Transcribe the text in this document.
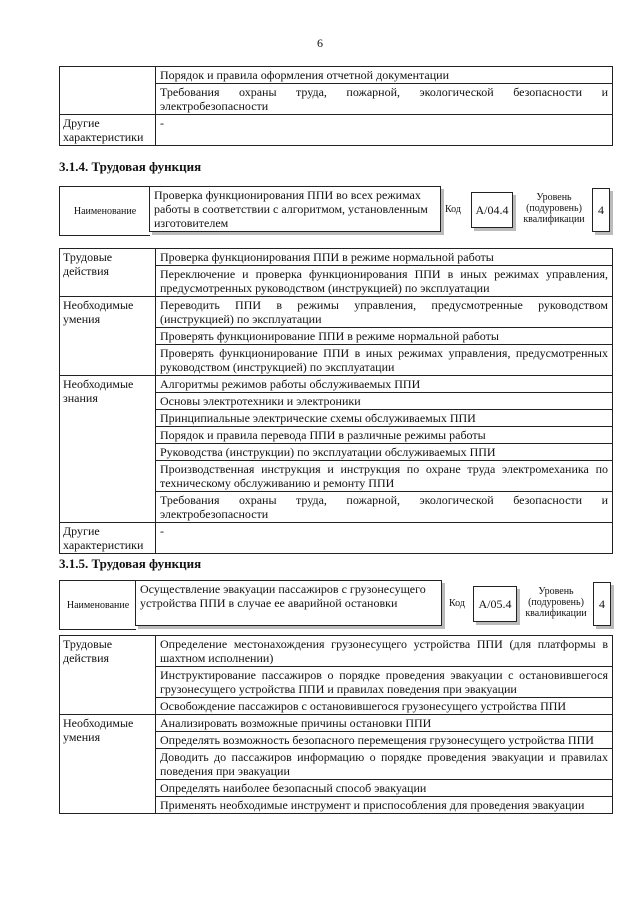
6
	Порядок и правила оформления отчетной документации
	Требования охраны труда, пожарной, экологической безопасности и электробезопасности
Другие характеристики	-
3.1.4. Трудовая функция
Наименование
Проверка функционирования ППИ во всех режимах работы в соответствии с алгоритмом, установленным изготовителем
Код	А/04.4
Уровень (подуровень) квалификации
4
Трудовые действия	Проверка функционирования ППИ в режиме нормальной работы
	Переключение и проверка функционирования ППИ в иных режимах управления, предусмотренных руководством (инструкцией) по эксплуатации
Необходимые умения	Переводить ППИ в режимы управления, предусмотренные руководством (инструкцией) по эксплуатации
	Проверять функционирование ППИ в режиме нормальной работы
	Проверять функционирование ППИ в иных режимах управления, предусмотренных руководством (инструкцией) по эксплуатации
Необходимые знания	Алгоритмы режимов работы обслуживаемых ППИ
	Основы электротехники и электроники
	Принципиальные электрические схемы обслуживаемых ППИ
	Порядок и правила перевода ППИ в различные режимы работы
	Руководства (инструкции) по эксплуатации обслуживаемых ППИ
	Производственная инструкция и инструкция по охране труда электромеханика по техническому обслуживанию и ремонту ППИ
	Требования охраны труда, пожарной, экологической безопасности и электробезопасности
Другие характеристики	-
3.1.5. Трудовая функция
Наименование
Осуществление эвакуации пассажиров с грузонесущего устройства ППИ в случае ее аварийной остановки	Код	А/05.4
Уровень (подуровень) квалификации
4
Трудовые действия	Определение местонахождения грузонесущего устройства ППИ (для платформы в шахтном исполнении)
	Инструктирование пассажиров о порядке проведения эвакуации с остановившегося грузонесущего устройства ППИ и правилах поведения при эвакуации
	Освобождение пассажиров с остановившегося грузонесущего устройства ППИ
Необходимые умения	Анализировать возможные причины остановки ППИ
	Определять возможность безопасного перемещения грузонесущего устройства ППИ
	Доводить до пассажиров информацию о порядке проведения эвакуации и правилах поведения при эвакуации
	Определять наиболее безопасный способ эвакуации
	Применять необходимые инструмент и приспособления для проведения эвакуации
